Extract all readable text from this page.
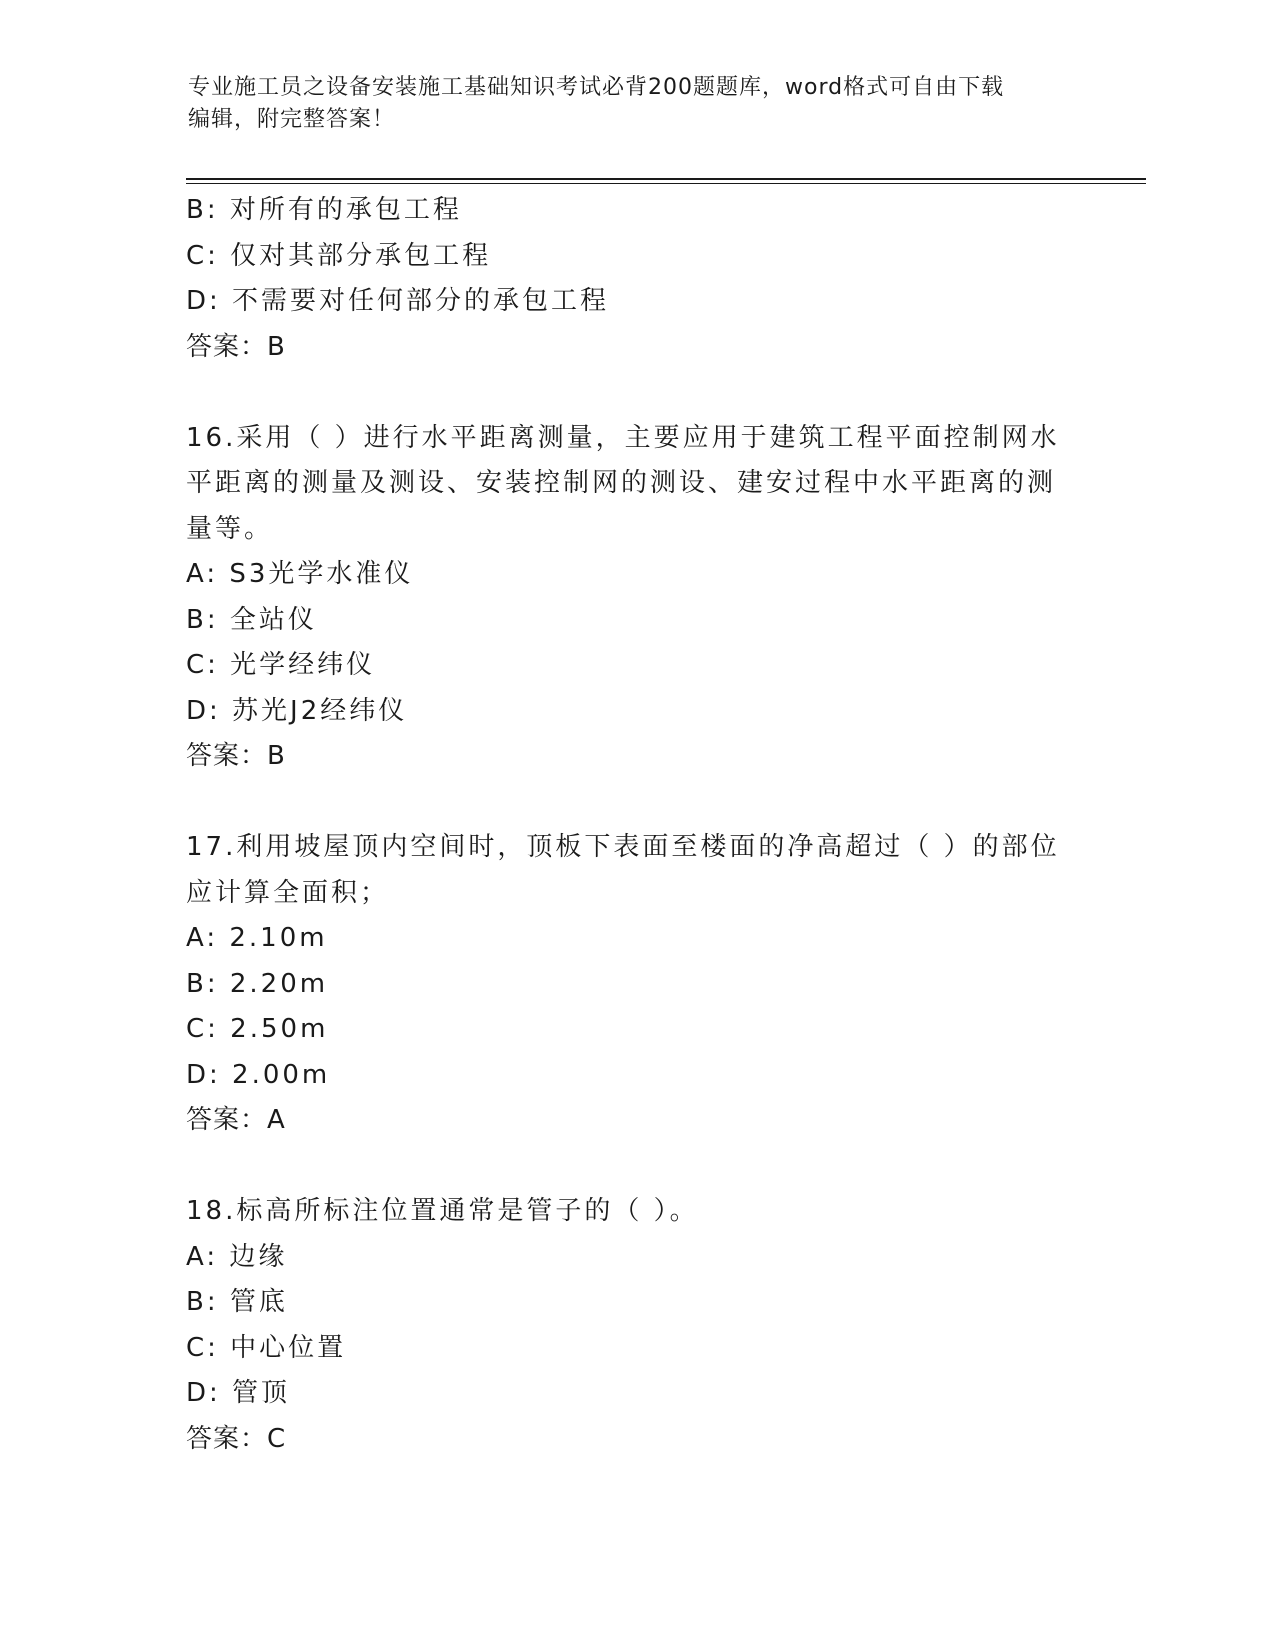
专业施工员之设备安装施工基础知识考试必背200题题库，word格式可自由下载
编辑，附完整答案！
B: 对所有的承包工程
C: 仅对其部分承包工程
D: 不需要对任何部分的承包工程
答案：B
16.采用（ ）进行水平距离测量，主要应用于建筑工程平面控制网水
平距离的测量及测设、安装控制网的测设、建安过程中水平距离的测
量等。
A: S3光学水准仪
B: 全站仪
C: 光学经纬仪
D: 苏光J2经纬仪
答案：B
17.利用坡屋顶内空间时，顶板下表面至楼面的净高超过（ ）的部位
应计算全面积；
A: 2.10m
B: 2.20m
C: 2.50m
D: 2.00m
答案：A
18.标高所标注位置通常是管子的（ ）。
A: 边缘
B: 管底
C: 中心位置
D: 管顶
答案：C
